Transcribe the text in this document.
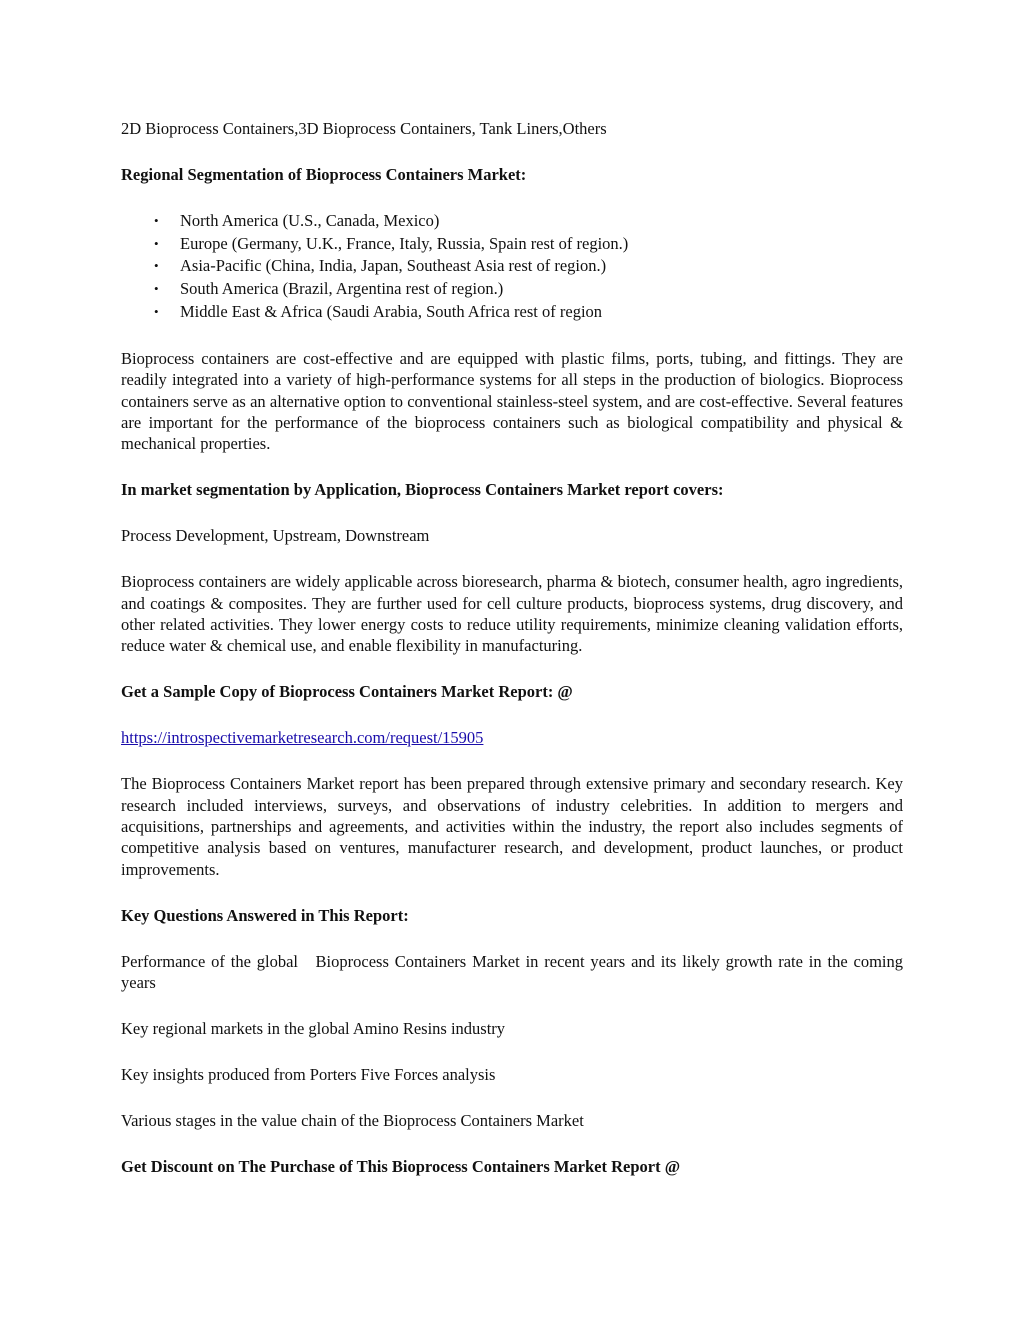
2D Bioprocess Containers,3D Bioprocess Containers, Tank Liners,Others

Regional Segmentation of Bioprocess Containers Market:

• North America (U.S., Canada, Mexico)
• Europe (Germany, U.K., France, Italy, Russia, Spain rest of region.)
• Asia-Pacific (China, India, Japan, Southeast Asia rest of region.)
• South America (Brazil, Argentina rest of region.)
• Middle East & Africa (Saudi Arabia, South Africa rest of region

Bioprocess containers are cost-effective and are equipped with plastic films, ports, tubing, and fittings. They are readily integrated into a variety of high-performance systems for all steps in the production of biologics. Bioprocess containers serve as an alternative option to conventional stainless-steel system, and are cost-effective. Several features are important for the performance of the bioprocess containers such as biological compatibility and physical & mechanical properties.

In market segmentation by Application, Bioprocess Containers Market report covers:

Process Development, Upstream, Downstream

Bioprocess containers are widely applicable across bioresearch, pharma & biotech, consumer health, agro ingredients, and coatings & composites. They are further used for cell culture products, bioprocess systems, drug discovery, and other related activities. They lower energy costs to reduce utility requirements, minimize cleaning validation efforts, reduce water & chemical use, and enable flexibility in manufacturing.

Get a Sample Copy of Bioprocess Containers Market Report: @

https://introspectivemarketresearch.com/request/15905

The Bioprocess Containers Market report has been prepared through extensive primary and secondary research. Key research included interviews, surveys, and observations of industry celebrities. In addition to mergers and acquisitions, partnerships and agreements, and activities within the industry, the report also includes segments of competitive analysis based on ventures, manufacturer research, and development, product launches, or product improvements.

Key Questions Answered in This Report:

Performance of the global   Bioprocess Containers Market in recent years and its likely growth rate in the coming years

Key regional markets in the global Amino Resins industry

Key insights produced from Porters Five Forces analysis

Various stages in the value chain of the Bioprocess Containers Market

Get Discount on The Purchase of This Bioprocess Containers Market Report @
